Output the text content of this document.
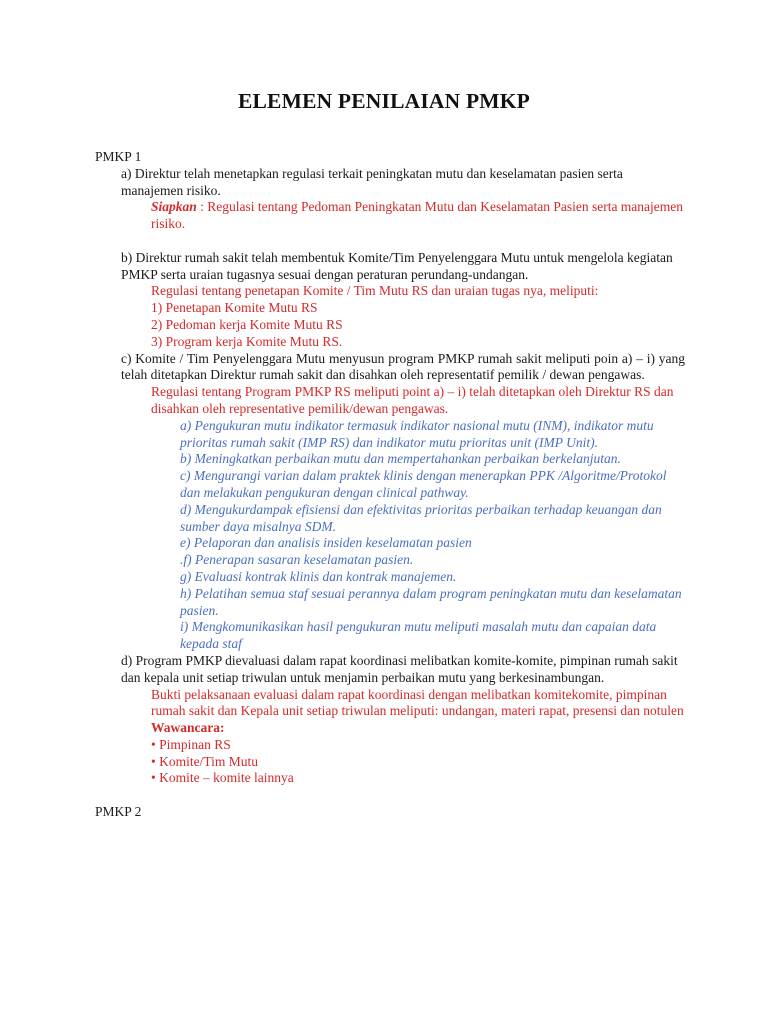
ELEMEN PENILAIAN PMKP

PMKP 1

a) Direktur telah menetapkan regulasi terkait peningkatan mutu dan keselamatan pasien serta manajemen risiko.

Siapkan : Regulasi tentang Pedoman Peningkatan Mutu dan Keselamatan Pasien serta manajemen risiko.

b) Direktur rumah sakit telah membentuk Komite/Tim Penyelenggara Mutu untuk mengelola kegiatan PMKP serta uraian tugasnya sesuai dengan peraturan perundang-undangan.

Regulasi tentang penetapan Komite / Tim Mutu RS dan uraian tugas nya, meliputi:

1) Penetapan Komite Mutu RS

2) Pedoman kerja Komite Mutu RS

3) Program kerja Komite Mutu RS.

c) Komite / Tim Penyelenggara Mutu menyusun program PMKP rumah sakit meliputi poin a) – i) yang telah ditetapkan Direktur rumah sakit dan disahkan oleh representatif pemilik / dewan pengawas.

Regulasi tentang Program PMKP RS meliputi point a) – i) telah ditetapkan oleh Direktur RS dan disahkan oleh representative pemilik/dewan pengawas.

a) Pengukuran mutu indikator termasuk indikator nasional mutu (INM), indikator mutu prioritas rumah sakit (IMP RS) dan indikator mutu prioritas unit (IMP Unit).

b) Meningkatkan perbaikan mutu dan mempertahankan perbaikan berkelanjutan.

c) Mengurangi varian dalam praktek klinis dengan menerapkan PPK /Algoritme/Protokol dan melakukan pengukuran dengan clinical pathway.

d) Mengukurdampak efisiensi dan efektivitas prioritas perbaikan terhadap keuangan dan sumber daya misalnya SDM.

e) Pelaporan dan analisis insiden keselamatan pasien

.f) Penerapan sasaran keselamatan pasien.

g) Evaluasi kontrak klinis dan kontrak manajemen.

h) Pelatihan semua staf sesuai perannya dalam program peningkatan mutu dan keselamatan pasien.

i) Mengkomunikasikan hasil pengukuran mutu meliputi masalah mutu dan capaian data kepada staf

d) Program PMKP dievaluasi dalam rapat koordinasi melibatkan komite-komite, pimpinan rumah sakit dan kepala unit setiap triwulan untuk menjamin perbaikan mutu yang berkesinambungan.

Bukti pelaksanaan evaluasi dalam rapat koordinasi dengan melibatkan komitekomite, pimpinan rumah sakit dan Kepala unit setiap triwulan meliputi: undangan, materi rapat, presensi dan notulen

Wawancara:

• Pimpinan RS

• Komite/Tim Mutu

• Komite – komite lainnya

PMKP 2
